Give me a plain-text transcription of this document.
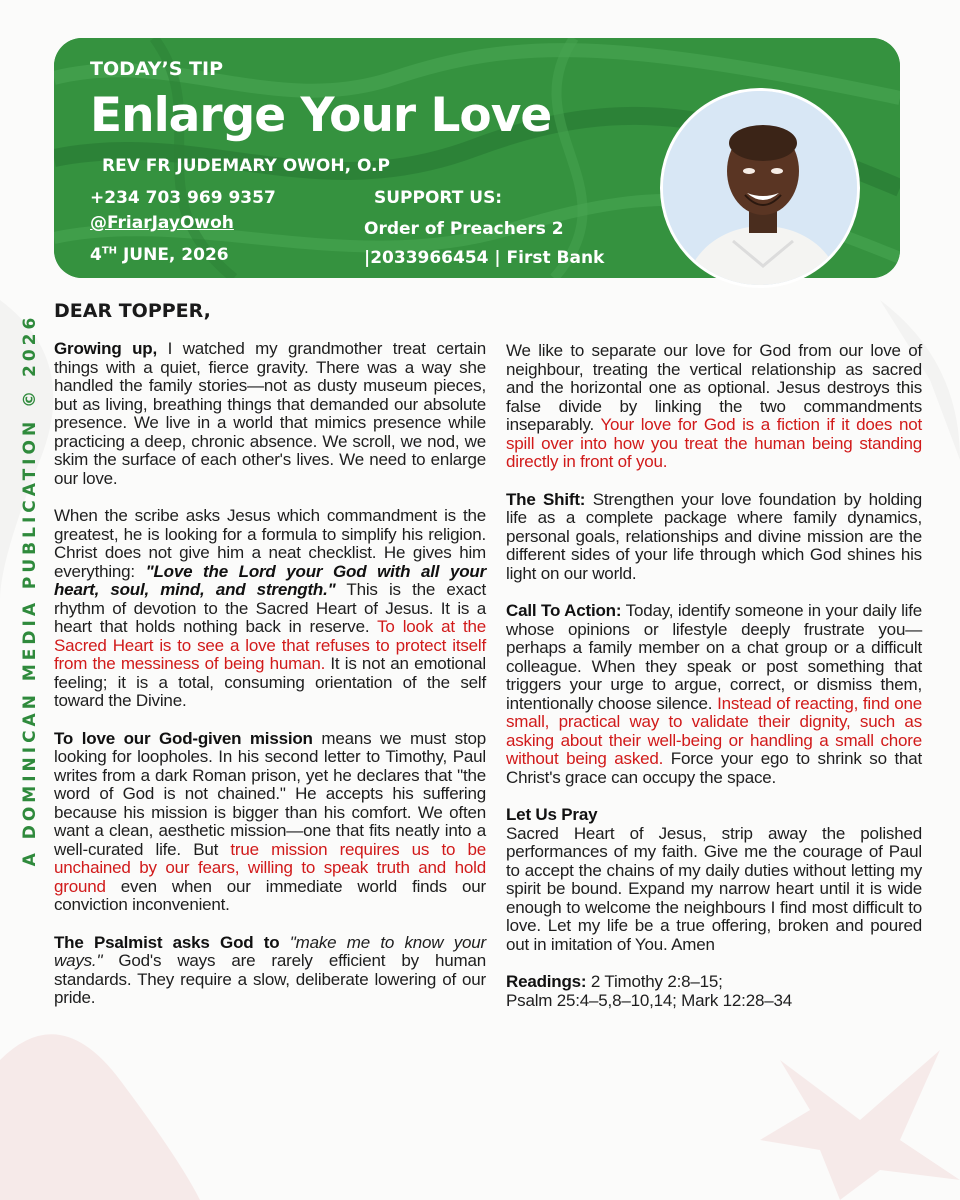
A DOMINICAN MEDIA PUBLICATION © 2026
TODAY’S TIP
Enlarge Your Love
REV FR JUDEMARY OWOH, O.P
+234 703 969 9357
@FriarJayOwoh
4TH JUNE, 2026
SUPPORT US:
Order of Preachers 2
|2033966454 | First Bank
DEAR TOPPER,

Growing up, I watched my grandmother treat certain things with a quiet, fierce gravity. There was a way she handled the family stories—not as dusty museum pieces, but as living, breathing things that demanded our absolute presence. We live in a world that mimics presence while practicing a deep, chronic absence. We scroll, we nod, we skim the surface of each other's lives. We need to enlarge our love.

When the scribe asks Jesus which commandment is the greatest, he is looking for a formula to simplify his religion. Christ does not give him a neat checklist. He gives him everything: "Love the Lord your God with all your heart, soul, mind, and strength." This is the exact rhythm of devotion to the Sacred Heart of Jesus. It is a heart that holds nothing back in reserve. To look at the Sacred Heart is to see a love that refuses to protect itself from the messiness of being human. It is not an emotional feeling; it is a total, consuming orientation of the self toward the Divine.

To love our God-given mission means we must stop looking for loopholes. In his second letter to Timothy, Paul writes from a dark Roman prison, yet he declares that "the word of God is not chained." He accepts his suffering because his mission is bigger than his comfort. We often want a clean, aesthetic mission—one that fits neatly into a well-curated life. But true mission requires us to be unchained by our fears, willing to speak truth and hold ground even when our immediate world finds our conviction inconvenient.

The Psalmist asks God to "make me to know your ways." God's ways are rarely efficient by human standards. They require a slow, deliberate lowering of our pride.

We like to separate our love for God from our love of neighbour, treating the vertical relationship as sacred and the horizontal one as optional. Jesus destroys this false divide by linking the two commandments inseparably. Your love for God is a fiction if it does not spill over into how you treat the human being standing directly in front of you.

The Shift: Strengthen your love foundation by holding life as a complete package where family dynamics, personal goals, relationships and divine mission are the different sides of your life through which God shines his light on our world.

Call To Action: Today, identify someone in your daily life whose opinions or lifestyle deeply frustrate you—perhaps a family member on a chat group or a difficult colleague. When they speak or post something that triggers your urge to argue, correct, or dismiss them, intentionally choose silence. Instead of reacting, find one small, practical way to validate their dignity, such as asking about their well-being or handling a small chore without being asked. Force your ego to shrink so that Christ's grace can occupy the space.

Let Us Pray
Sacred Heart of Jesus, strip away the polished performances of my faith. Give me the courage of Paul to accept the chains of my daily duties without letting my spirit be bound. Expand my narrow heart until it is wide enough to welcome the neighbours I find most difficult to love. Let my life be a true offering, broken and poured out in imitation of You. Amen

Readings: 2 Timothy 2:8–15;
Psalm 25:4–5,8–10,14; Mark 12:28–34
